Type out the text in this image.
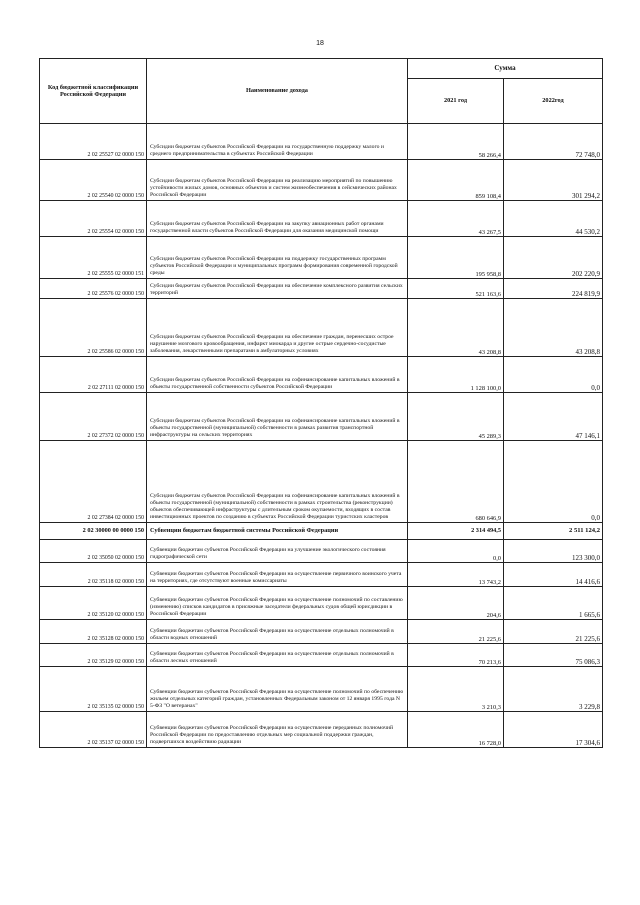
18
Код бюджетной классификации Российской Федерации	Наименование дохода	Сумма	
		2021 год	2022год
2 02 25527 02 0000 150	Субсидии бюджетам субъектов Российской Федерации на государственную поддержку малого и среднего предпринимательства в субъектах Российской Федерации	58 266,4	72 748,0
2 02 25540 02 0000 150	Субсидии бюджетам субъектов Российской Федерации на реализацию мероприятий по повышению устойчивости жилых домов, основных объектов и систем жизнеобеспечения в сейсмических районах Российской Федерации	859 108,4	301 294,2
2 02 25554 02 0000 150	Субсидии бюджетам субъектов Российской Федерации на закупку авиационных работ органами государственной власти субъектов Российской Федерации для оказания медицинской помощи	43 267,5	44 530,2
2 02 25555 02 0000 151	Субсидии бюджетам субъектов Российской Федерации на поддержку государственных программ субъектов Российской Федерации и муниципальных программ формирования современной городской среды	195 958,8	202 220,9
2 02 25576 02 0000 150	Субсидии бюджетам субъектов Российской Федерации на обеспечение комплексного развития сельских территорий	521 163,6	224 819,9
2 02 25586 02 0000 150	Субсидии бюджетам субъектов Российской Федерации на обеспечение граждан, перенесших острое нарушение мозгового кровообращения, инфаркт миокарда и другие острые сердечно-сосудистые заболевания, лекарственными препаратами в амбулаторных условиях	43 208,8	43 208,8
2 02 27111 02 0000 150	Субсидии бюджетам субъектов Российской Федерации на софинансирование капитальных вложений в объекты государственной собственности субъектов Российской Федерации	1 128 100,0	0,0
2 02 27372 02 0000 150	Субсидии бюджетам субъектов Российской Федерации на софинансирование капитальных вложений в объекты государственной (муниципальной) собственности в рамках развития транспортной инфраструктуры на сельских территориях	45 289,3	47 146,1
2 02 27384 02 0000 150	Субсидии бюджетам субъектов Российской Федерации на софинансирование капитальных вложений в объекты государственной (муниципальной) собственности в рамках строительства (реконструкции) объектов обеспечивающей инфраструктуры с длительным сроком окупаемости, входящих в состав инвестиционных проектов по созданию в субъектах Российской Федерации туристских кластеров	680 646,9	0,0
2 02 30000 00 0000 150	Субвенции бюджетам бюджетной системы Российской Федерации	2 314 494,5	2 511 124,2
2 02 35050 02 0000 150	Субвенции бюджетам субъектов Российской Федерации на улучшение экологического состояния гидрографической сети	0,0	123 300,0
2 02 35118 02 0000 150	Субвенции бюджетам субъектов Российской Федерации на осуществление первичного воинского учета на территориях, где отсутствуют военные комиссариаты	13 743,2	14 416,6
2 02 35120 02 0000 150	Субвенции бюджетам субъектов Российской Федерации на осуществление полномочий по составлению (изменению) списков кандидатов в присяжные заседатели федеральных судов общей юрисдикции в Российской Федерации	204,6	1 665,6
2 02 35128 02 0000 150	Субвенции бюджетам субъектов Российской Федерации на осуществление отдельных полномочий в области водных отношений	21 225,6	21 225,6
2 02 35129 02 0000 150	Субвенции бюджетам субъектов Российской Федерации на осуществление отдельных полномочий в области лесных отношений	70 213,6	75 086,3
2 02 35135 02 0000 150	Субвенции бюджетам субъектов Российской Федерации на осуществление полномочий по обеспечению жильем отдельных категорий граждан, установленных Федеральным законом от 12 января 1995 года N 5-ФЗ "О ветеранах"	3 210,3	3 229,8
2 02 35137 02 0000 150	Субвенции бюджетам субъектов Российской Федерации на осуществление переданных полномочий Российской Федерации по предоставлению отдельных мер социальной поддержки граждан, подвергшихся воздействию радиации	16 728,0	17 304,6
